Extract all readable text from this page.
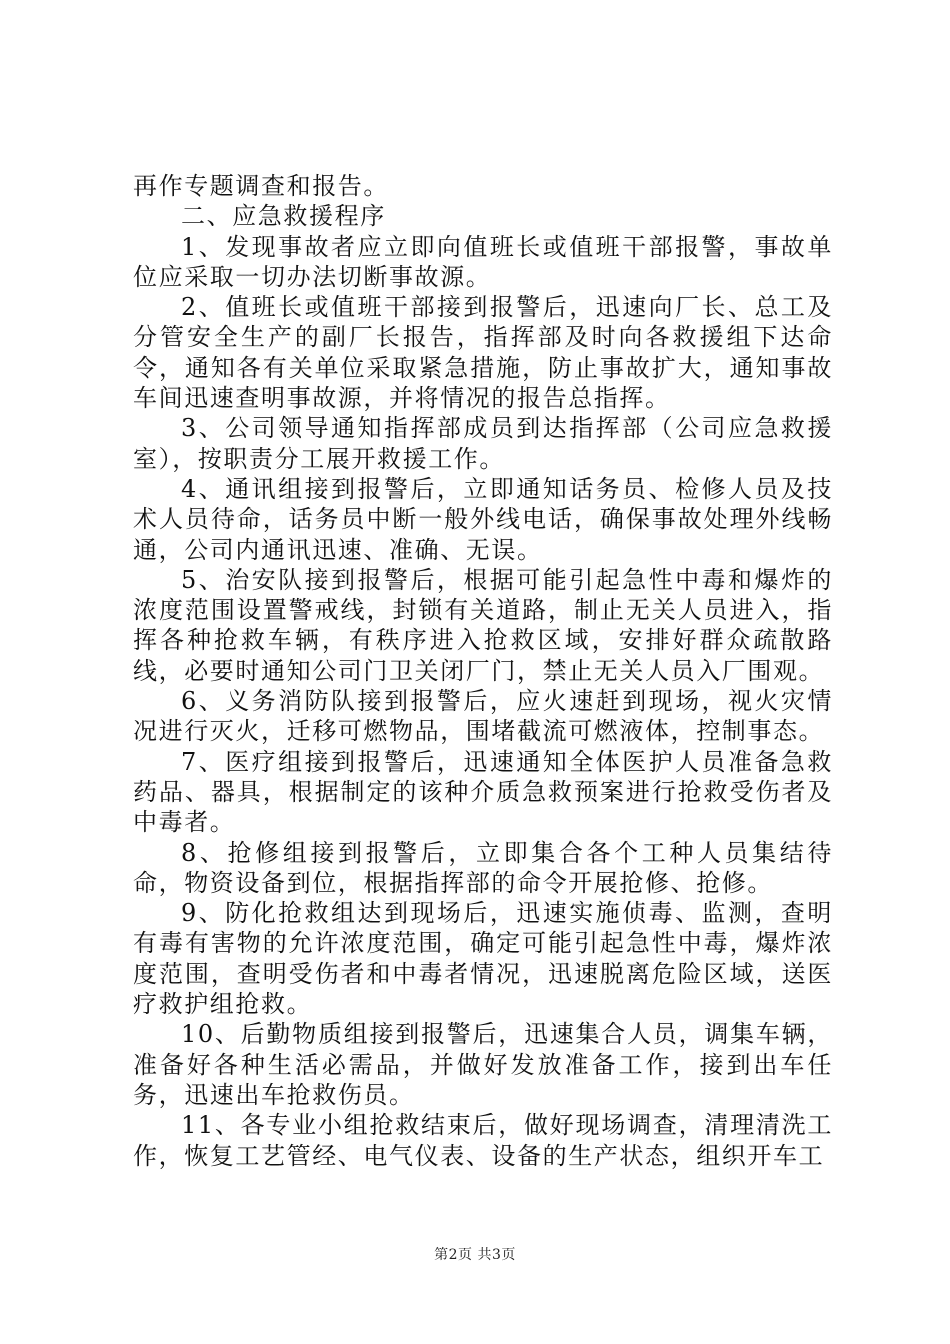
再作专题调查和报告。

二、应急救援程序

1、发现事故者应立即向值班长或值班干部报警，事故单位应采取一切办法切断事故源。

2、值班长或值班干部接到报警后，迅速向厂长、总工及分管安全生产的副厂长报告，指挥部及时向各救援组下达命令，通知各有关单位采取紧急措施，防止事故扩大，通知事故车间迅速查明事故源，并将情况的报告总指挥。

3、公司领导通知指挥部成员到达指挥部（公司应急救援室），按职责分工展开救援工作。

4、通讯组接到报警后，立即通知话务员、检修人员及技术人员待命，话务员中断一般外线电话，确保事故处理外线畅通，公司内通讯迅速、准确、无误。

5、治安队接到报警后，根据可能引起急性中毒和爆炸的浓度范围设置警戒线，封锁有关道路，制止无关人员进入，指挥各种抢救车辆，有秩序进入抢救区域，安排好群众疏散路线，必要时通知公司门卫关闭厂门，禁止无关人员入厂围观。

6、义务消防队接到报警后，应火速赶到现场，视火灾情况进行灭火，迁移可燃物品，围堵截流可燃液体，控制事态。

7、医疗组接到报警后，迅速通知全体医护人员准备急救药品、器具，根据制定的该种介质急救预案进行抢救受伤者及中毒者。

8、抢修组接到报警后，立即集合各个工种人员集结待命，物资设备到位，根据指挥部的命令开展抢修、抢修。

9、防化抢救组达到现场后，迅速实施侦毒、监测，查明有毒有害物的允许浓度范围，确定可能引起急性中毒，爆炸浓度范围，查明受伤者和中毒者情况，迅速脱离危险区域，送医疗救护组抢救。

10、后勤物质组接到报警后，迅速集合人员，调集车辆，准备好各种生活必需品，并做好发放准备工作，接到出车任务，迅速出车抢救伤员。

11、各专业小组抢救结束后，做好现场调查，清理清洗工作，恢复工艺管经、电气仪表、设备的生产状态，组织开车工

第2页 共3页
